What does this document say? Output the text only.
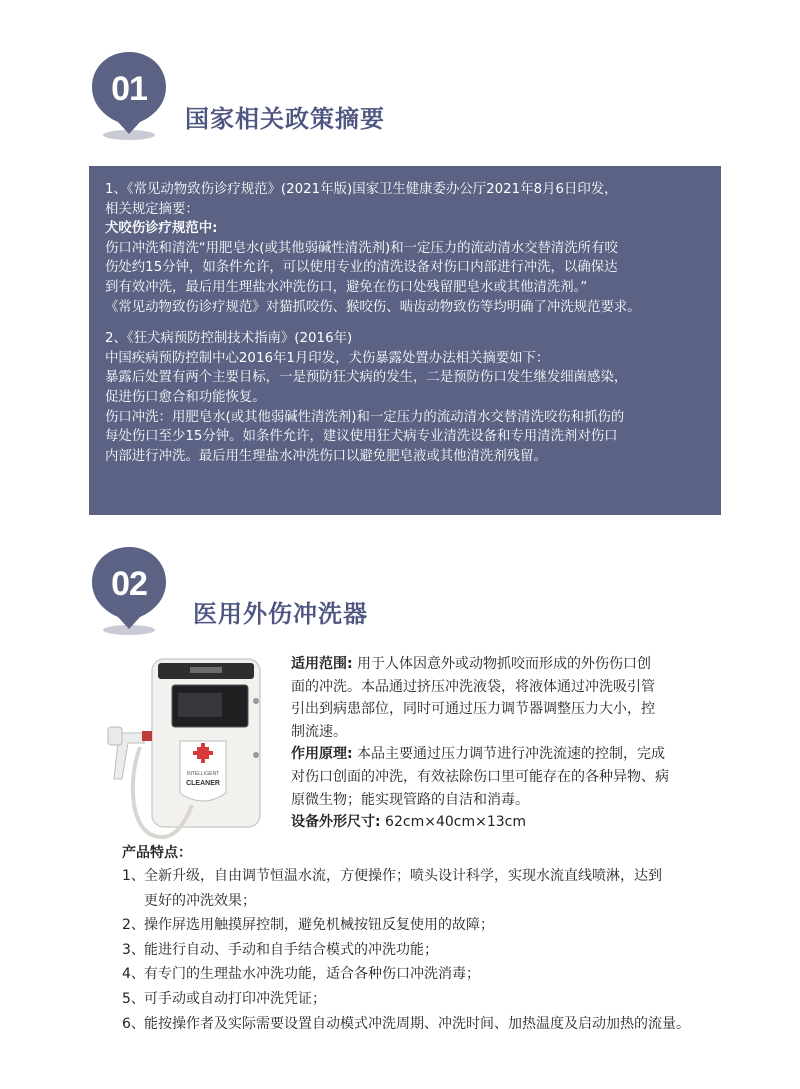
01
国家相关政策摘要

1、《常见动物致伤诊疗规范》(2021年版)国家卫生健康委办公厅2021年8月6日印发，

相关规定摘要：

犬咬伤诊疗规范中:

伤口冲洗和清洗“用肥皂水(或其他弱碱性清洗剂)和一定压力的流动清水交替清洗所有咬

伤处约15分钟，如条件允许，可以使用专业的清洗设备对伤口内部进行冲洗，以确保达

到有效冲洗，最后用生理盐水冲洗伤口，避免在伤口处残留肥皂水或其他清洗剂。”

《常见动物致伤诊疗规范》对猫抓咬伤、猴咬伤、啮齿动物致伤等均明确了冲洗规范要求。

2、《狂犬病预防控制技术指南》(2016年)

中国疾病预防控制中心2016年1月印发，犬伤暴露处置办法相关摘要如下：

暴露后处置有两个主要目标，一是预防狂犬病的发生，二是预防伤口发生继发细菌感染，

促进伤口愈合和功能恢复。

伤口冲洗：用肥皂水(或其他弱碱性清洗剂)和一定压力的流动清水交替清洗咬伤和抓伤的

每处伤口至少15分钟。如条件允许，建议使用狂犬病专业清洗设备和专用清洗剂对伤口

内部进行冲洗。最后用生理盐水冲洗伤口以避免肥皂液或其他清洗剂残留。

02
医用外伤冲洗器
INTELLIGENT
CLEANER
适用范围: 用于人体因意外或动物抓咬而形成的外伤伤口创
面的冲洗。本品通过挤压冲洗液袋，将液体通过冲洗吸引管
引出到病患部位，同时可通过压力调节器调整压力大小，控
制流速。
作用原理: 本品主要通过压力调节进行冲洗流速的控制，完成
对伤口创面的冲洗，有效祛除伤口里可能存在的各种异物、病
原微生物；能实现管路的自洁和消毒。
设备外形尺寸: 62cm×40cm×13cm
产品特点：
1、 全新升级，自由调节恒温水流，方便操作；喷头设计科学，实现水流直线喷淋，达到
更好的冲洗效果；
2、 操作屏选用触摸屏控制，避免机械按钮反复使用的故障；
3、 能进行自动、手动和自手结合模式的冲洗功能；
4、 有专门的生理盐水冲洗功能，适合各种伤口冲洗消毒；
5、 可手动或自动打印冲洗凭证；
6、 能按操作者及实际需要设置自动模式冲洗周期、冲洗时间、加热温度及启动加热的流量。
